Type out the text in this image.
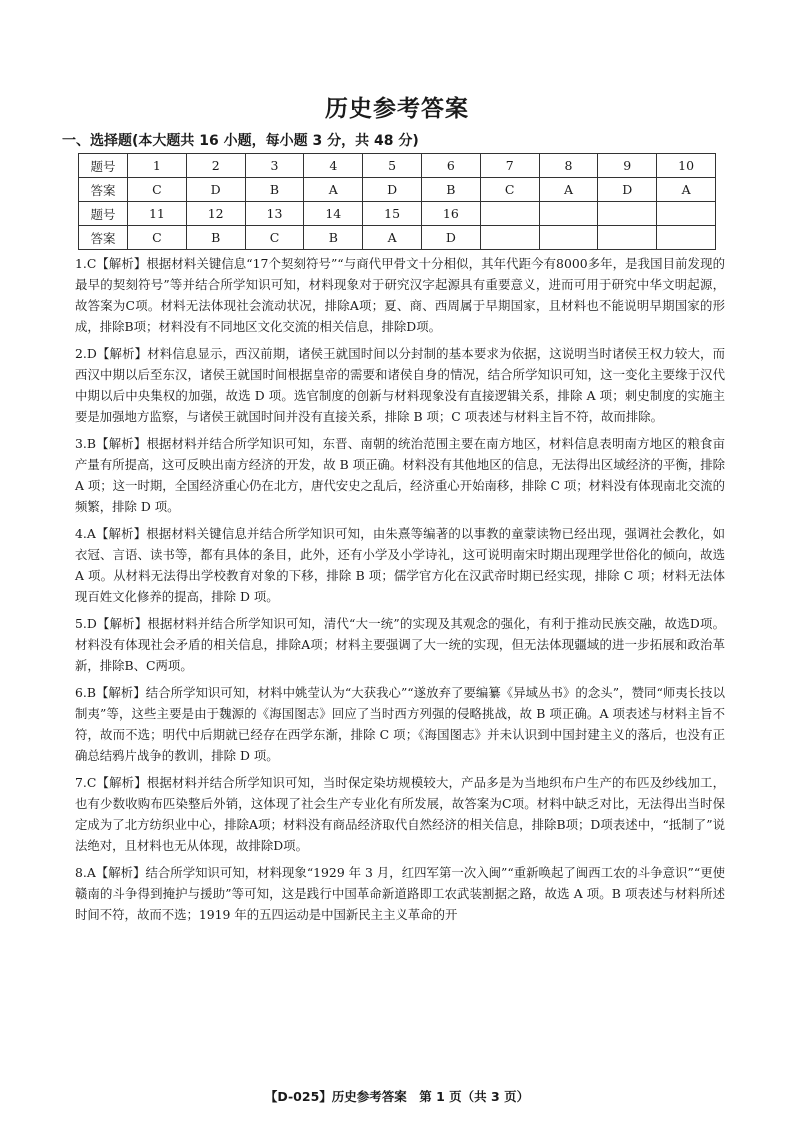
历史参考答案
一、选择题(本大题共 16 小题，每小题 3 分，共 48 分)
题号	1	2	3	4	5	6	7	8	9	10
答案	C	D	B	A	D	B	C	A	D	A
题号	11	12	13	14	15	16				
答案	C	B	C	B	A	D				

1.C【解析】根据材料关键信息“17个契刻符号”“与商代甲骨文十分相似，其年代距今有8000多年，是我国目前发现的最早的契刻符号”等并结合所学知识可知，材料现象对于研究汉字起源具有重要意义，进而可用于研究中华文明起源，故答案为C项。材料无法体现社会流动状况，排除A项；夏、商、西周属于早期国家，且材料也不能说明早期国家的形成，排除B项；材料没有不同地区文化交流的相关信息，排除D项。

2.D【解析】材料信息显示，西汉前期，诸侯王就国时间以分封制的基本要求为依据，这说明当时诸侯王权力较大，而西汉中期以后至东汉，诸侯王就国时间根据皇帝的需要和诸侯自身的情况，结合所学知识可知，这一变化主要缘于汉代中期以后中央集权的加强，故选 D 项。选官制度的创新与材料现象没有直接逻辑关系，排除 A 项；刺史制度的实施主要是加强地方监察，与诸侯王就国时间并没有直接关系，排除 B 项；C 项表述与材料主旨不符，故而排除。

3.B【解析】根据材料并结合所学知识可知，东晋、南朝的统治范围主要在南方地区，材料信息表明南方地区的粮食亩产量有所提高，这可反映出南方经济的开发，故 B 项正确。材料没有其他地区的信息，无法得出区域经济的平衡，排除 A 项；这一时期，全国经济重心仍在北方，唐代安史之乱后，经济重心开始南移，排除 C 项；材料没有体现南北交流的频繁，排除 D 项。

4.A【解析】根据材料关键信息并结合所学知识可知，由朱熹等编著的以事教的童蒙读物已经出现，强调社会教化，如衣冠、言语、读书等，都有具体的条目，此外，还有小学及小学诗礼，这可说明南宋时期出现理学世俗化的倾向，故选 A 项。从材料无法得出学校教育对象的下移，排除 B 项；儒学官方化在汉武帝时期已经实现，排除 C 项；材料无法体现百姓文化修养的提高，排除 D 项。

5.D【解析】根据材料并结合所学知识可知，清代“大一统”的实现及其观念的强化，有利于推动民族交融，故选D项。材料没有体现社会矛盾的相关信息，排除A项；材料主要强调了大一统的实现，但无法体现疆域的进一步拓展和政治革新，排除B、C两项。

6.B【解析】结合所学知识可知，材料中姚莹认为“大获我心”“遂放弃了要编纂《异域丛书》的念头”，赞同“师夷长技以制夷”等，这些主要是由于魏源的《海国图志》回应了当时西方列强的侵略挑战，故 B 项正确。A 项表述与材料主旨不符，故而不选；明代中后期就已经存在西学东渐，排除 C 项；《海国图志》并未认识到中国封建主义的落后，也没有正确总结鸦片战争的教训，排除 D 项。

7.C【解析】根据材料并结合所学知识可知，当时保定染坊规模较大，产品多是为当地织布户生产的布匹及纱线加工，也有少数收购布匹染整后外销，这体现了社会生产专业化有所发展，故答案为C项。材料中缺乏对比，无法得出当时保定成为了北方纺织业中心，排除A项；材料没有商品经济取代自然经济的相关信息，排除B项；D项表述中，“抵制了”说法绝对，且材料也无从体现，故排除D项。

8.A【解析】结合所学知识可知，材料现象“1929 年 3 月，红四军第一次入闽”“重新唤起了闽西工农的斗争意识”“更使赣南的斗争得到掩护与援助”等可知，这是践行中国革命新道路即工农武装割据之路，故选 A 项。B 项表述与材料所述时间不符，故而不选；1919 年的五四运动是中国新民主主义革命的开

【D-025】历史参考答案　第 1 页（共 3 页）
